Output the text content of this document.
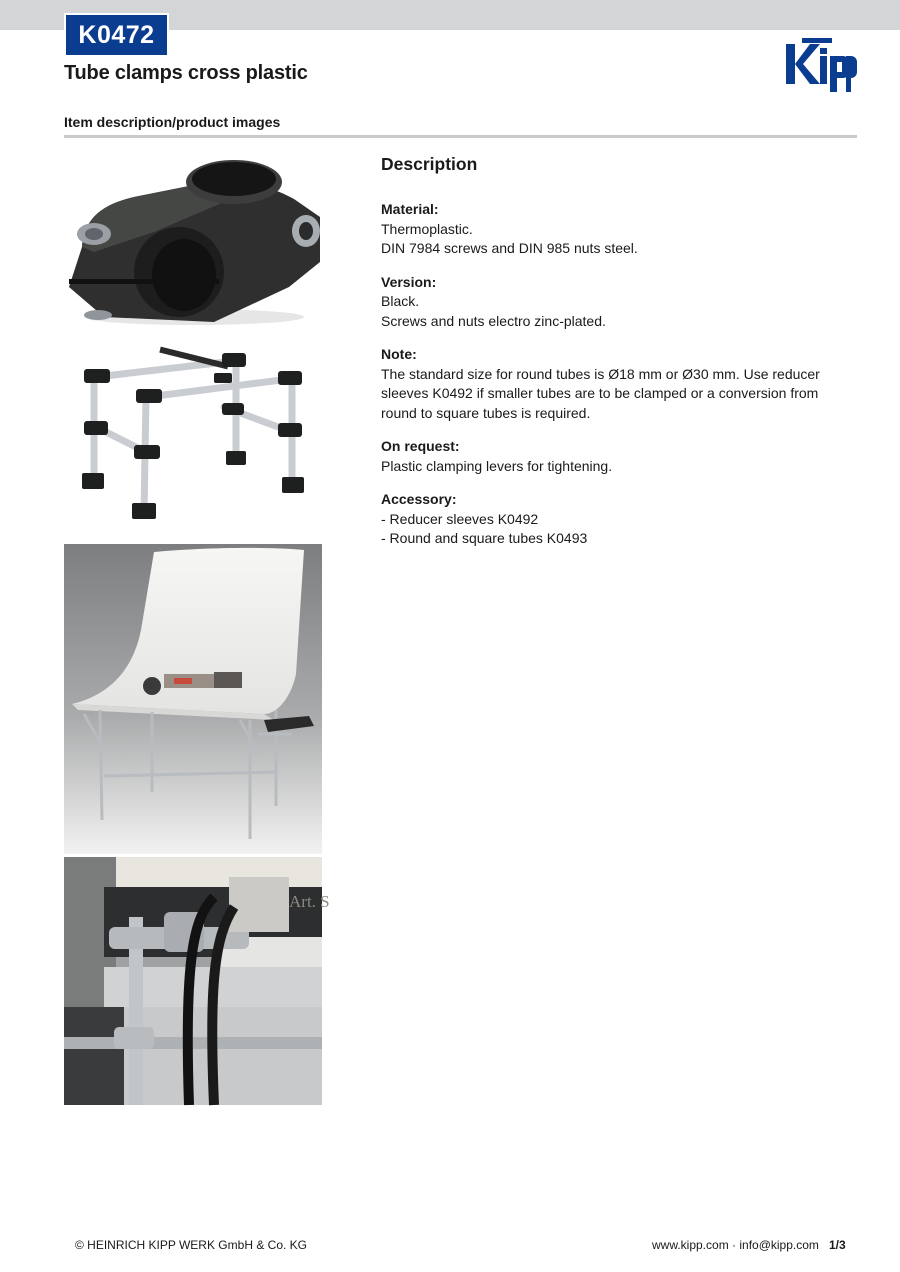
K0472
Tube clamps cross plastic
Item description/product images
Art. S
Description
Material:
Thermoplastic.
DIN 7984 screws and DIN 985 nuts steel.
Version:
Black.
Screws and nuts electro zinc-plated.
Note:
The standard size for round tubes is Ø18 mm or Ø30 mm. Use reducer sleeves K0492 if smaller tubes are to be clamped or a conversion from round to square tubes is required.
On request:
Plastic clamping levers for tightening.
Accessory:
- Reducer sleeves K0492
- Round and square tubes K0493
© HEINRICH KIPP WERK GmbH & Co. KG	www.kipp.com · info@kipp.com 1/3
